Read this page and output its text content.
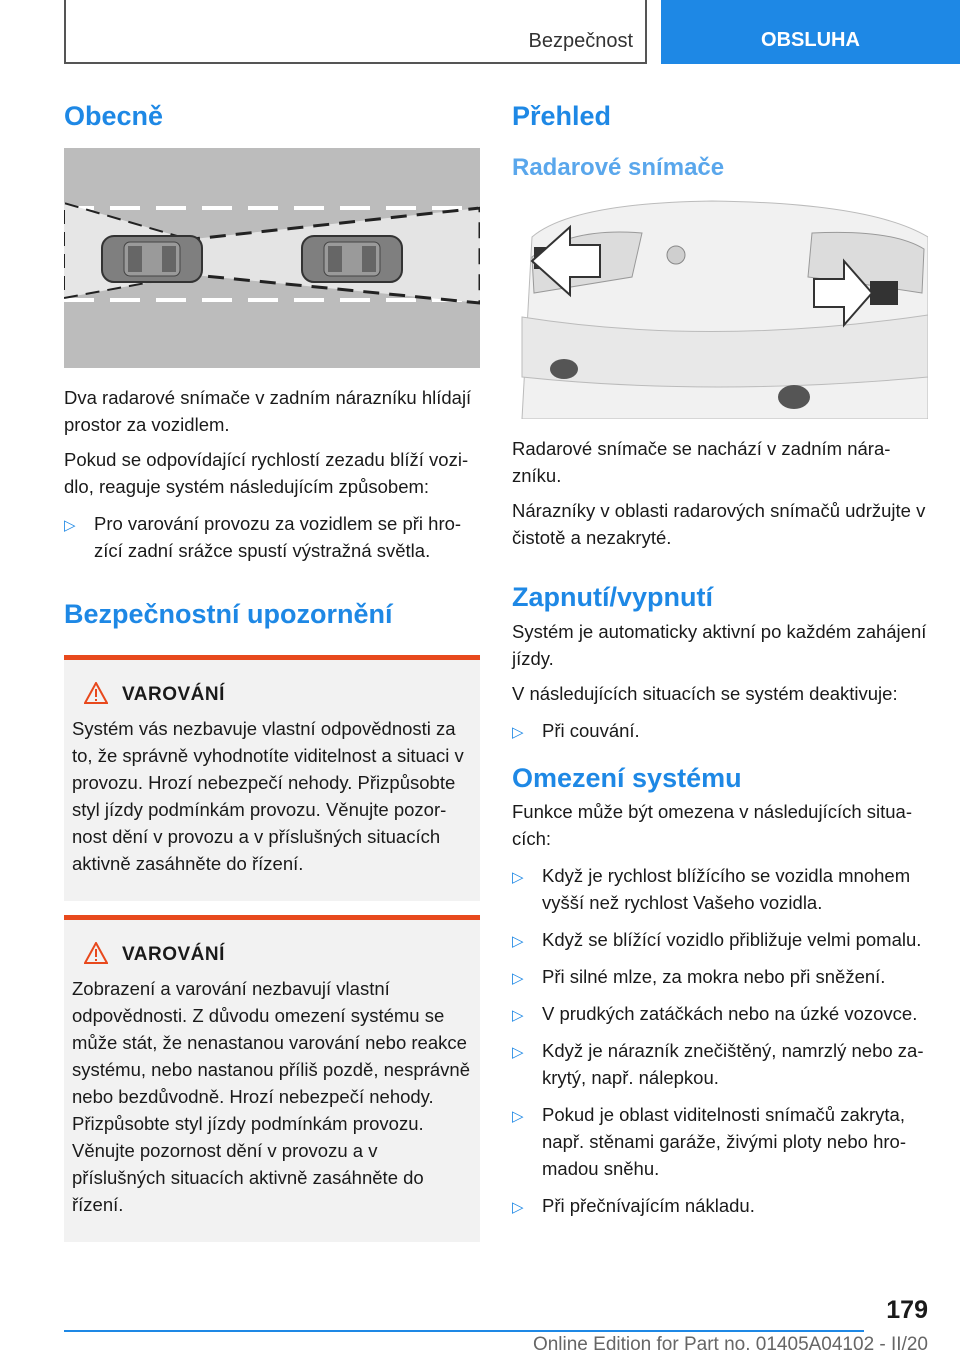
Bezpečnost	OBSLUHA
Obecně

Dva radarové snímače v zadním nárazníku hlídají prostor za vozidlem.

Pokud se odpovídající rychlostí zezadu blíží vozidlo, reaguje systém následujícím způsobem:

▷ Pro varování provozu za vozidlem se při hrozící zadní srážce spustí výstražná světla.
Bezpečnostní upozornění
VAROVÁNÍ

Systém vás nezbavuje vlastní odpovědnosti za to, že správně vyhodnotíte viditelnost a situaci v provozu. Hrozí nebezpečí nehody. Přizpůsobte styl jízdy podmínkám provozu. Věnujte pozornost dění v provozu a v příslušných situacích aktivně zasáhněte do řízení.

VAROVÁNÍ

Zobrazení a varování nezbavují vlastní odpovědnosti. Z důvodu omezení systému se může stát, že nenastanou varování nebo reakce systému, nebo nastanou příliš pozdě, nesprávně nebo bezdůvodně. Hrozí nebezpečí nehody. Přizpůsobte styl jízdy podmínkám provozu. Věnujte pozornost dění v provozu a v příslušných situacích aktivně zasáhněte do řízení.

Přehled
Radarové snímače

Radarové snímače se nachází v zadním nárazníku.

Nárazníky v oblasti radarových snímačů udržujte v čistotě a nezakryté.

Zapnutí/vypnutí

Systém je automaticky aktivní po každém zahájení jízdy.

V následujících situacích se systém deaktivuje:

▷ Při couvání.
Omezení systému

Funkce může být omezena v následujících situacích:

▷ Když je rychlost blížícího se vozidla mnohem vyšší než rychlost Vašeho vozidla.
▷ Když se blížící vozidlo přibližuje velmi pomalu.
▷ Při silné mlze, za mokra nebo při sněžení.
▷ V prudkých zatáčkách nebo na úzké vozovce.
▷ Když je nárazník znečištěný, namrzlý nebo zakrytý, např. nálepkou.
▷ Pokud je oblast viditelnosti snímačů zakryta, např. stěnami garáže, živými ploty nebo hromadou sněhu.
▷ Při přečnívajícím nákladu.
179
Online Edition for Part no. 01405A04102 - II/20
